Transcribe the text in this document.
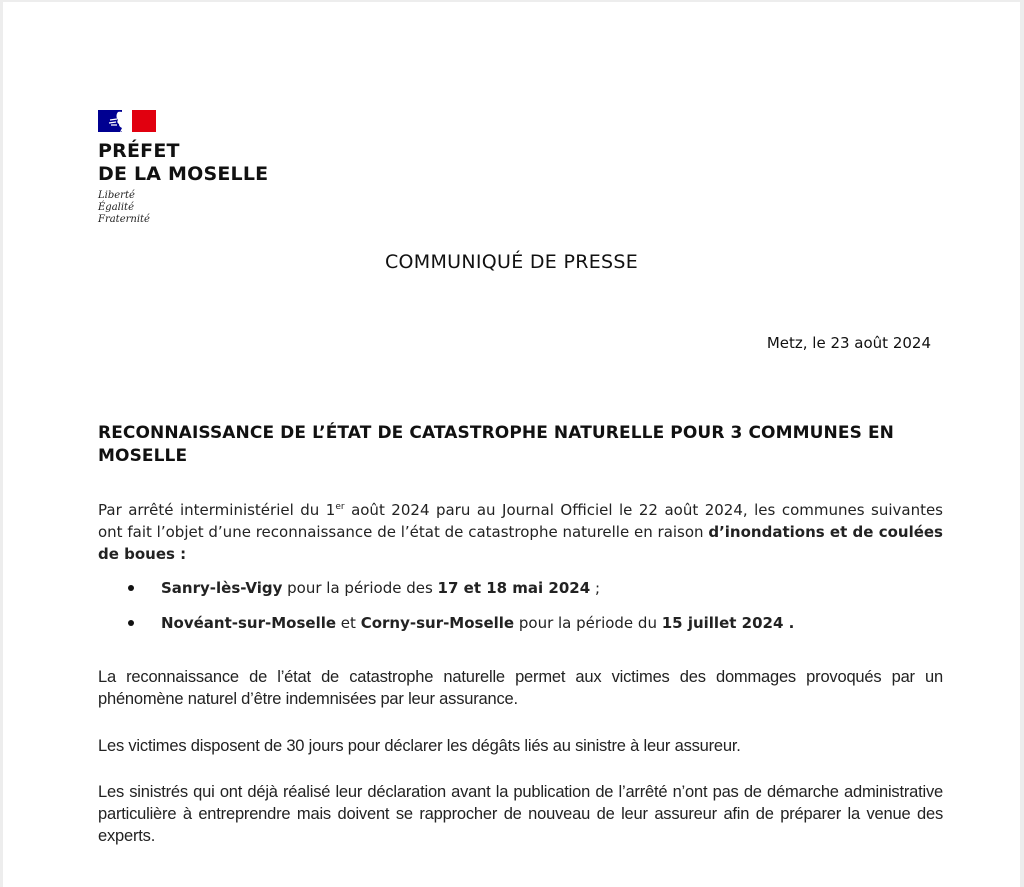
PRÉFET
DE LA MOSELLE
Liberté
Égalité
Fraternité
COMMUNIQUÉ DE PRESSE
Metz, le 23 août 2024
RECONNAISSANCE DE L’ÉTAT DE CATASTROPHE NATURELLE POUR 3 COMMUNES EN MOSELLE

Par arrêté interministériel du 1er août 2024 paru au Journal Officiel le 22 août 2024, les communes suivantes ont fait l’objet d’une reconnaissance de l’état de catastrophe naturelle en raison d’inondations et de coulées de boues :

Sanry-lès-Vigy pour la période des 17 et 18 mai 2024 ;
Novéant-sur-Moselle et Corny-sur-Moselle pour la période du 15 juillet 2024 .

La reconnaissance de l’état de catastrophe naturelle permet aux victimes des dommages provoqués par un phénomène naturel d’être indemnisées par leur assurance.

Les victimes disposent de 30 jours pour déclarer les dégâts liés au sinistre à leur assureur.

Les sinistrés qui ont déjà réalisé leur déclaration avant la publication de l’arrêté n’ont pas de démarche administrative particulière à entreprendre mais doivent se rapprocher de nouveau de leur assureur afin de préparer la venue des experts.
